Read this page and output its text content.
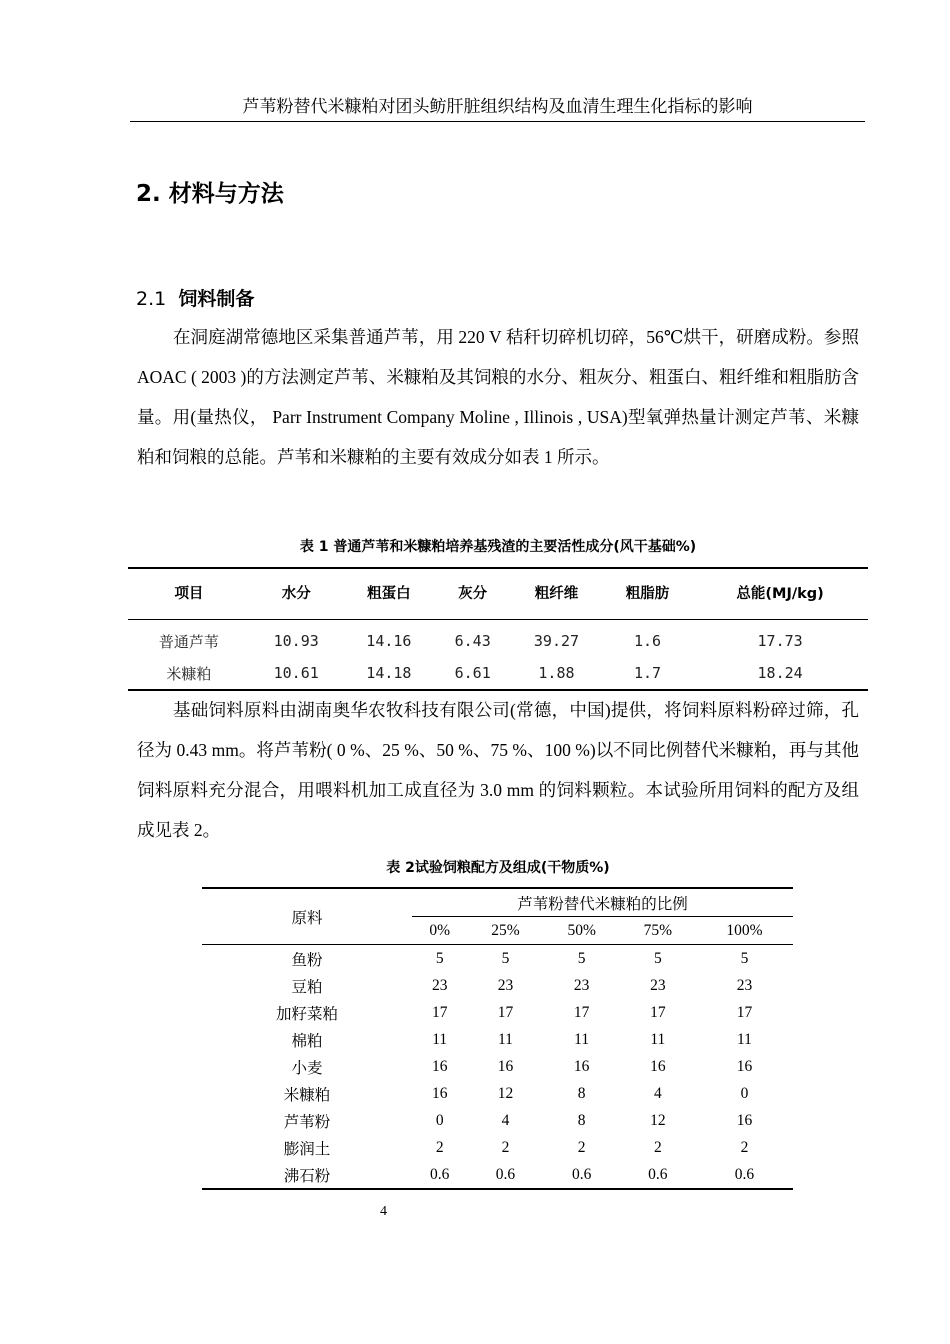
芦苇粉替代米糠粕对团头鲂肝脏组织结构及血清生理生化指标的影响
2. 材料与方法
2.1 饲料制备
在洞庭湖常德地区采集普通芦苇，用 220 V 秸秆切碎机切碎，56℃烘干，研磨成粉。参照 AOAC ( 2003 )的方法测定芦苇、米糠粕及其饲粮的水分、粗灰分、粗蛋白、粗纤维和粗脂肪含量。用(量热仪， Parr Instrument Company Moline , Illinois , USA)型氧弹热量计测定芦苇、米糠粕和饲粮的总能。芦苇和米糠粕的主要有效成分如表 1 所示。
表 1 普通芦苇和米糠粕培养基残渣的主要活性成分(风干基础%)
项目	水分	粗蛋白	灰分	粗纤维	粗脂肪	总能(MJ/kg)
普通芦苇	10.93	14.16	6.43	39.27	1.6	17.73
米糠粕	10.61	14.18	6.61	1.88	1.7	18.24
基础饲料原料由湖南奥华农牧科技有限公司(常德，中国)提供，将饲料原料粉碎过筛，孔径为 0.43 mm。将芦苇粉( 0 %、25 %、50 %、75 %、100 %)以不同比例替代米糠粕，再与其他饲料原料充分混合，用喂料机加工成直径为 3.0 mm 的饲料颗粒。本试验所用饲料的配方及组成见表 2。
表 2试验饲粮配方及组成(干物质%)
原料	芦苇粉替代米糠粕的比例				
	0%	25%	50%	75%	100%
鱼粉	5	5	5	5	5
豆粕	23	23	23	23	23
加籽菜粕	17	17	17	17	17
棉粕	11	11	11	11	11
小麦	16	16	16	16	16
米糠粕	16	12	8	4	0
芦苇粉	0	4	8	12	16
膨润土	2	2	2	2	2
沸石粉	0.6	0.6	0.6	0.6	0.6
4
